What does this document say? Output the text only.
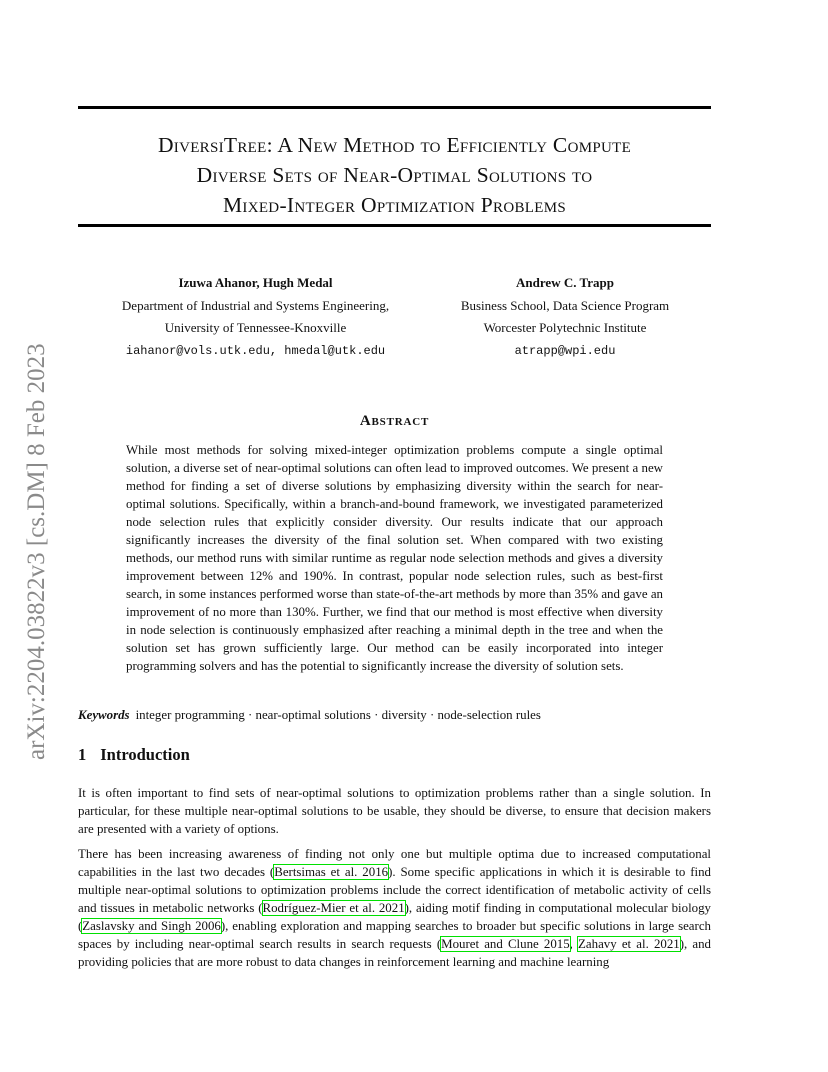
arXiv:2204.03822v3 [cs.DM] 8 Feb 2023
DiversiTree: A New Method to Efficiently Compute
Diverse Sets of Near-Optimal Solutions to
Mixed-Integer Optimization Problems
Izuwa Ahanor, Hugh Medal
Department of Industrial and Systems Engineering,
University of Tennessee-Knoxville
iahanor@vols.utk.edu, hmedal@utk.edu
Andrew C. Trapp
Business School, Data Science Program
Worcester Polytechnic Institute
atrapp@wpi.edu
Abstract

While most methods for solving mixed-integer optimization problems compute a single optimal solution, a diverse set of near-optimal solutions can often lead to improved outcomes. We present a new method for finding a set of diverse solutions by emphasizing diversity within the search for near-optimal solutions. Specifically, within a branch-and-bound framework, we investigated parameterized node selection rules that explicitly consider diversity. Our results indicate that our approach significantly increases the diversity of the final solution set. When compared with two existing methods, our method runs with similar runtime as regular node selection methods and gives a diversity improvement between 12% and 190%. In contrast, popular node selection rules, such as best-first search, in some instances performed worse than state-of-the-art methods by more than 35% and gave an improvement of no more than 130%. Further, we find that our method is most effective when diversity in node selection is continuously emphasized after reaching a minimal depth in the tree and when the solution set has grown sufficiently large. Our method can be easily incorporated into integer programming solvers and has the potential to significantly increase the diversity of solution sets.

Keywords integer programming · near-optimal solutions · diversity · node-selection rules
1 Introduction

It is often important to find sets of near-optimal solutions to optimization problems rather than a single solution. In particular, for these multiple near-optimal solutions to be usable, they should be diverse, to ensure that decision makers are presented with a variety of options.

There has been increasing awareness of finding not only one but multiple optima due to increased computational capabilities in the last two decades (Bertsimas et al. 2016). Some specific applications in which it is desirable to find multiple near-optimal solutions to optimization problems include the correct identification of metabolic activity of cells and tissues in metabolic networks (Rodríguez-Mier et al. 2021), aiding motif finding in computational molecular biology (Zaslavsky and Singh 2006), enabling exploration and mapping searches to broader but specific solutions in large search spaces by including near-optimal search results in search requests (Mouret and Clune 2015, Zahavy et al. 2021), and providing policies that are more robust to data changes in reinforcement learning and machine learning
